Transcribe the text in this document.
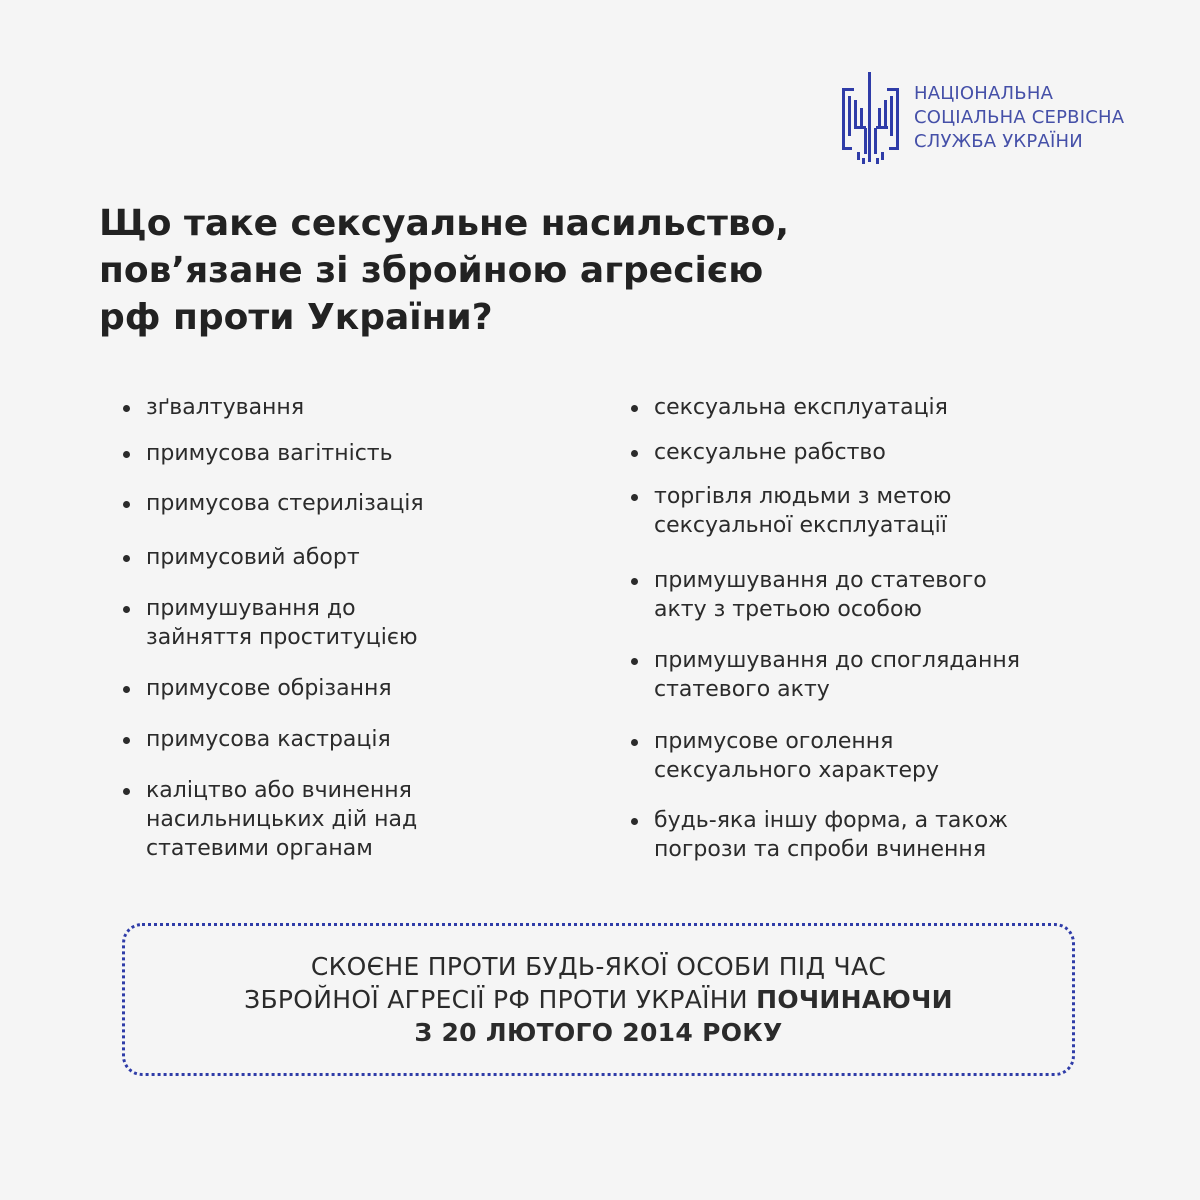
НАЦІОНАЛЬНА
СОЦІАЛЬНА СЕРВІСНА
СЛУЖБА УКРАЇНИ
Що таке сексуальне насильство,
пов’язане зі збройною агресією
рф проти України?
зґвалтування
примусова вагітність
примусова стерилізація
примусовий аборт
примушування до
зайняття проституцією
примусове обрізання
примусова кастрація
каліцтво або вчинення
насильницьких дій над
статевими органам
сексуальна експлуатація
сексуальне рабство
торгівля людьми з метою
сексуальної експлуатації
примушування до статевого
акту з третьою особою
примушування до споглядання
статевого акту
примусове оголення
сексуального характеру
будь-яка іншу форма, а також
погрози та спроби вчинення
СКОЄНЕ ПРОТИ БУДЬ-ЯКОЇ ОСОБИ ПІД ЧАС
ЗБРОЙНОЇ АГРЕСІЇ РФ ПРОТИ УКРАЇНИ ПОЧИНАЮЧИ
З 20 ЛЮТОГО 2014 РОКУ
